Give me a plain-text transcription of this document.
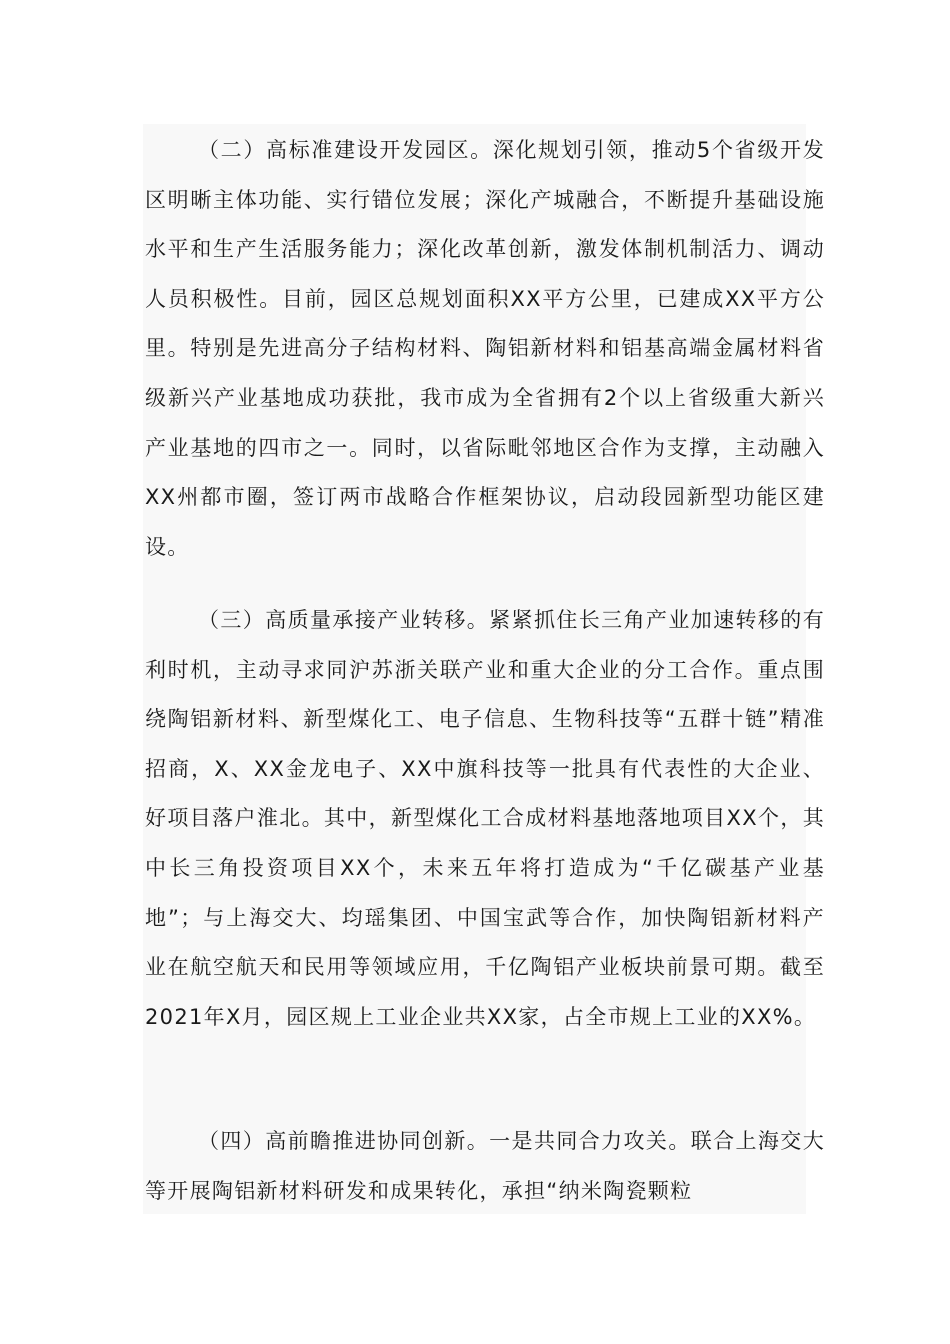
（二）高标准建设开发园区。深化规划引领，推动5个省级开发区明晰主体功能、实行错位发展；深化产城融合，不断提升基础设施水平和生产生活服务能力；深化改革创新，激发体制机制活力、调动人员积极性。目前，园区总规划面积XX平方公里，已建成XX平方公里。特别是先进高分子结构材料、陶铝新材料和铝基高端金属材料省级新兴产业基地成功获批，我市成为全省拥有2个以上省级重大新兴产业基地的四市之一。同时，以省际毗邻地区合作为支撑，主动融入XX州都市圈，签订两市战略合作框架协议，启动段园新型功能区建设。

（三）高质量承接产业转移。紧紧抓住长三角产业加速转移的有利时机，主动寻求同沪苏浙关联产业和重大企业的分工合作。重点围绕陶铝新材料、新型煤化工、电子信息、生物科技等“五群十链”精准招商，X、XX金龙电子、XX中旗科技等一批具有代表性的大企业、好项目落户淮北。其中，新型煤化工合成材料基地落地项目XX个，其中长三角投资项目XX个，未来五年将打造成为“千亿碳基产业基地”；与上海交大、均瑶集团、中国宝武等合作，加快陶铝新材料产业在航空航天和民用等领域应用，千亿陶铝产业板块前景可期。截至2021年X月，园区规上工业企业共XX家，占全市规上工业的XX%。

（四）高前瞻推进协同创新。一是共同合力攻关。联合上海交大等开展陶铝新材料研发和成果转化，承担“纳米陶瓷颗粒
